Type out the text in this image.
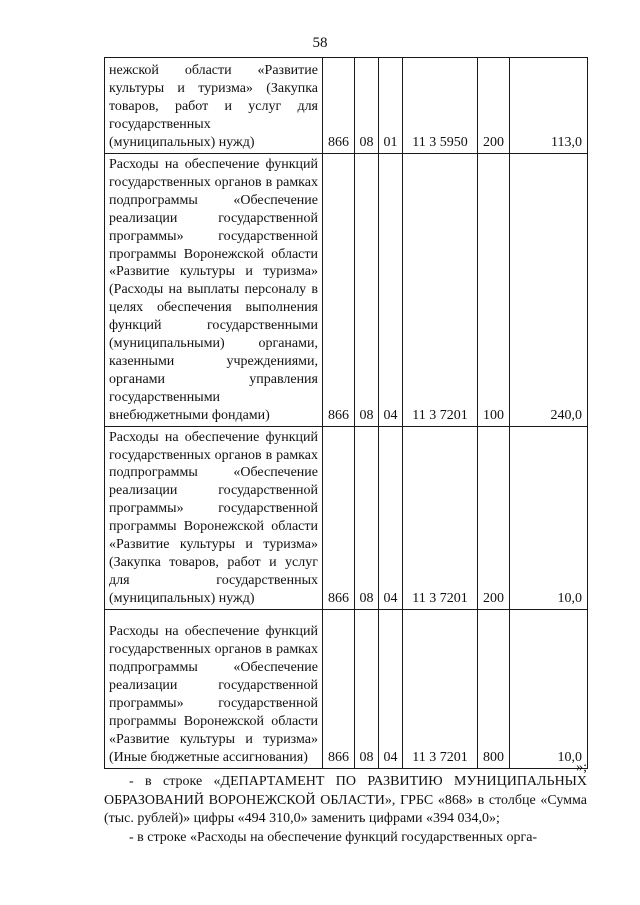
58
нежской области «Развитие культуры и туризма» (Закупка товаров, работ и услуг для государственных (муниципальных) нужд)	866	08	01	11 3 5950	200	113,0
Расходы на обеспечение функций государственных органов в рамках подпрограммы «Обеспечение реализации государственной программы» государственной программы Воронежской области «Развитие культуры и туризма» (Расходы на выплаты персоналу в целях обеспечения выполнения функций государственными (муниципальными) органами, казенными учреждениями, органами управления государственными внебюджетными фондами)	866	08	04	11 3 7201	100	240,0
Расходы на обеспечение функций государственных органов в рамках подпрограммы «Обеспечение реализации государственной программы» государственной программы Воронежской области «Развитие культуры и туризма» (Закупка товаров, работ и услуг для государственных (муниципальных) нужд)	866	08	04	11 3 7201	200	10,0
Расходы на обеспечение функций государственных органов в рамках подпрограммы «Обеспечение реализации государственной программы» государственной программы Воронежской области «Развитие культуры и туризма» (Иные бюджетные ассигнования)	866	08	04	11 3 7201	800	10,0
»;

- в строке «ДЕПАРТАМЕНТ ПО РАЗВИТИЮ МУНИЦИПАЛЬНЫХ ОБРАЗОВАНИЙ ВОРОНЕЖСКОЙ ОБЛАСТИ», ГРБС «868» в столбце «Сумма (тыс. рублей)» цифры «494 310,0» заменить цифрами «394 034,0»;

- в строке «Расходы на обеспечение функций государственных орга-
